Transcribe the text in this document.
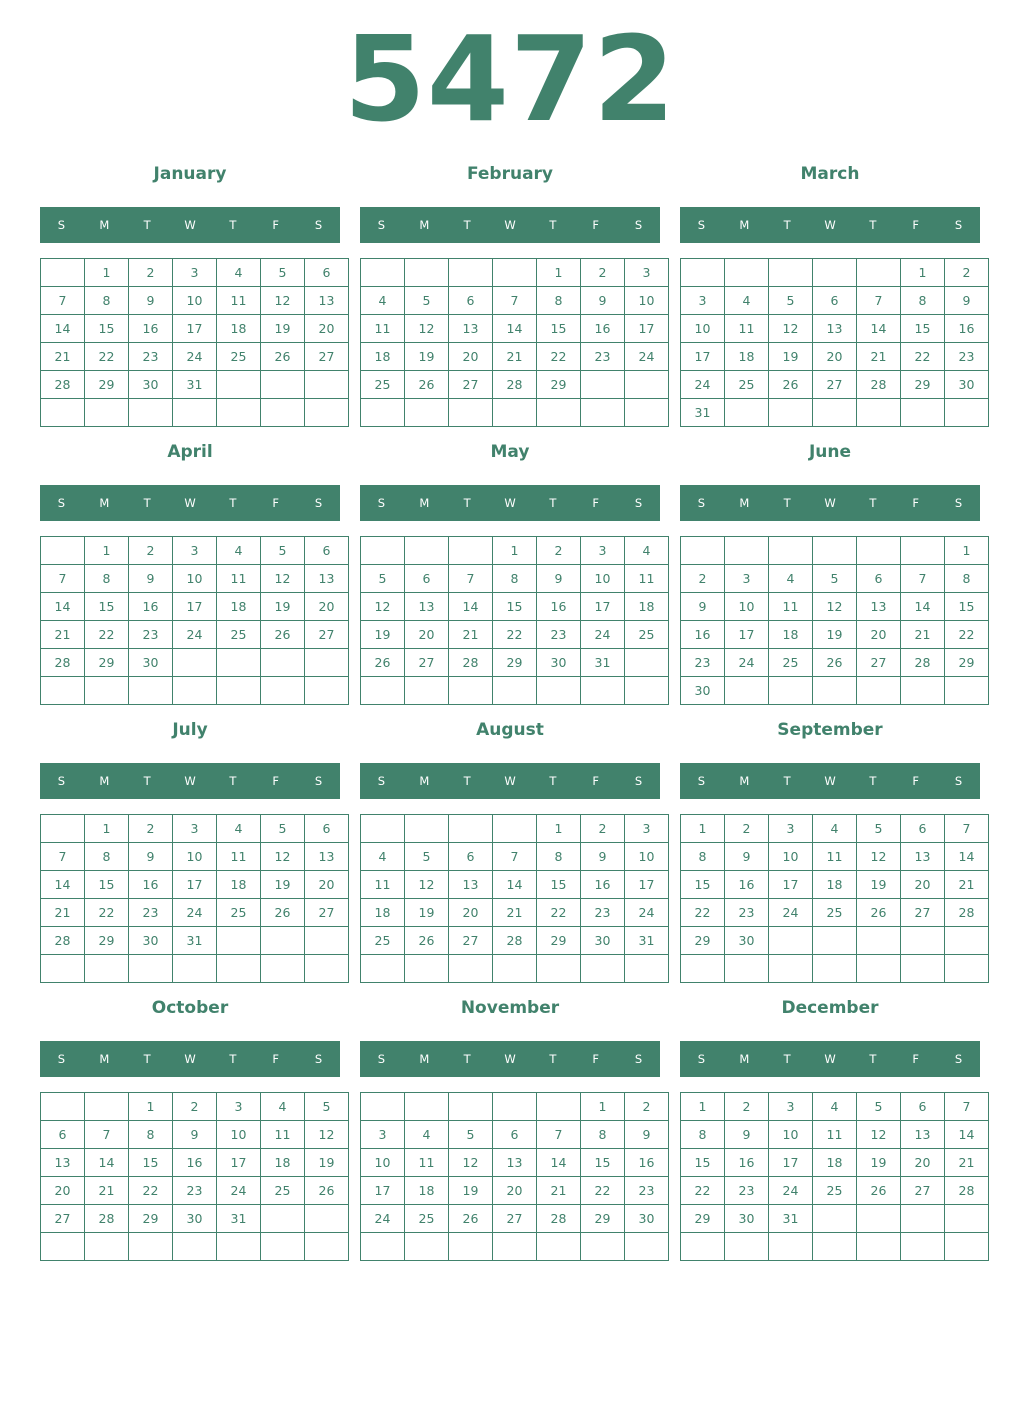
5472
January
S	M	T	W	T	F	S
	1	2	3	4	5	6
7	8	9	10	11	12	13
14	15	16	17	18	19	20
21	22	23	24	25	26	27
28	29	30	31			

February
S	M	T	W	T	F	S
				1	2	3
4	5	6	7	8	9	10
11	12	13	14	15	16	17
18	19	20	21	22	23	24
25	26	27	28	29		

March
S	M	T	W	T	F	S
					1	2
3	4	5	6	7	8	9
10	11	12	13	14	15	16
17	18	19	20	21	22	23
24	25	26	27	28	29	30
31						
April
S	M	T	W	T	F	S
	1	2	3	4	5	6
7	8	9	10	11	12	13
14	15	16	17	18	19	20
21	22	23	24	25	26	27
28	29	30				

May
S	M	T	W	T	F	S
			1	2	3	4
5	6	7	8	9	10	11
12	13	14	15	16	17	18
19	20	21	22	23	24	25
26	27	28	29	30	31	

June
S	M	T	W	T	F	S
						1
2	3	4	5	6	7	8
9	10	11	12	13	14	15
16	17	18	19	20	21	22
23	24	25	26	27	28	29
30						
July
S	M	T	W	T	F	S
	1	2	3	4	5	6
7	8	9	10	11	12	13
14	15	16	17	18	19	20
21	22	23	24	25	26	27
28	29	30	31			

August
S	M	T	W	T	F	S
				1	2	3
4	5	6	7	8	9	10
11	12	13	14	15	16	17
18	19	20	21	22	23	24
25	26	27	28	29	30	31

September
S	M	T	W	T	F	S
1	2	3	4	5	6	7
8	9	10	11	12	13	14
15	16	17	18	19	20	21
22	23	24	25	26	27	28
29	30					

October
S	M	T	W	T	F	S
		1	2	3	4	5
6	7	8	9	10	11	12
13	14	15	16	17	18	19
20	21	22	23	24	25	26
27	28	29	30	31		

November
S	M	T	W	T	F	S
					1	2
3	4	5	6	7	8	9
10	11	12	13	14	15	16
17	18	19	20	21	22	23
24	25	26	27	28	29	30

December
S	M	T	W	T	F	S
1	2	3	4	5	6	7
8	9	10	11	12	13	14
15	16	17	18	19	20	21
22	23	24	25	26	27	28
29	30	31				
